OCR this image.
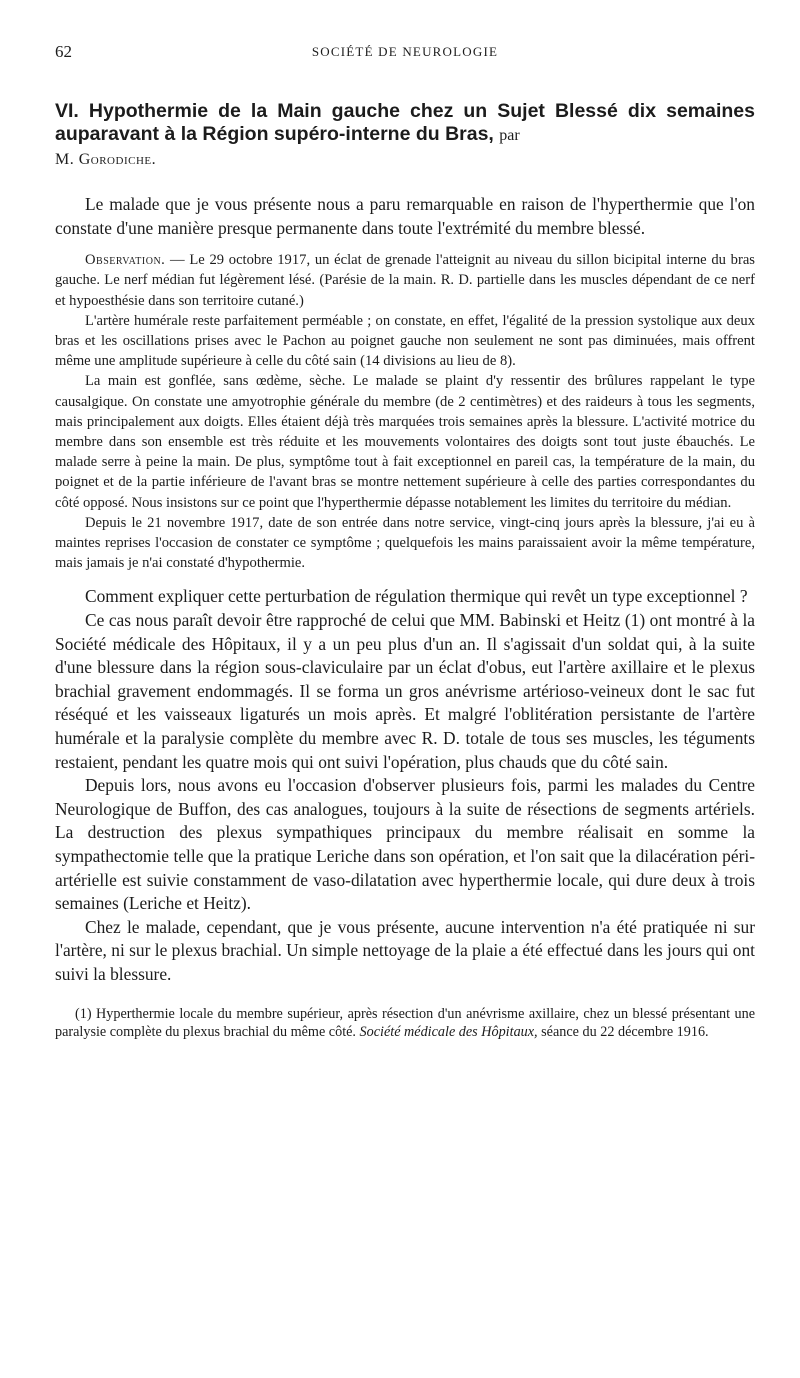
62	SOCIÉTÉ DE NEUROLOGIE
VI. Hypothermie de la Main gauche chez un Sujet Blessé dix semaines auparavant à la Région supéro-interne du Bras, par
M. Gorodiche.

Le malade que je vous présente nous a paru remarquable en raison de l'hyperthermie que l'on constate d'une manière presque permanente dans toute l'extrémité du membre blessé.

Observation. — Le 29 octobre 1917, un éclat de grenade l'atteignit au niveau du sillon bicipital interne du bras gauche. Le nerf médian fut légèrement lésé. (Parésie de la main. R. D. partielle dans les muscles dépendant de ce nerf et hypoesthésie dans son territoire cutané.)

L'artère humérale reste parfaitement perméable ; on constate, en effet, l'égalité de la pression systolique aux deux bras et les oscillations prises avec le Pachon au poignet gauche non seulement ne sont pas diminuées, mais offrent même une amplitude supérieure à celle du côté sain (14 divisions au lieu de 8).

La main est gonflée, sans œdème, sèche. Le malade se plaint d'y ressentir des brûlures rappelant le type causalgique. On constate une amyotrophie générale du membre (de 2 centimètres) et des raideurs à tous les segments, mais principalement aux doigts. Elles étaient déjà très marquées trois semaines après la blessure. L'activité motrice du membre dans son ensemble est très réduite et les mouvements volontaires des doigts sont tout juste ébauchés. Le malade serre à peine la main. De plus, symptôme tout à fait exceptionnel en pareil cas, la température de la main, du poignet et de la partie inférieure de l'avant bras se montre nettement supérieure à celle des parties correspondantes du côté opposé. Nous insistons sur ce point que l'hyperthermie dépasse notablement les limites du territoire du médian.

Depuis le 21 novembre 1917, date de son entrée dans notre service, vingt-cinq jours après la blessure, j'ai eu à maintes reprises l'occasion de constater ce symptôme ; quelquefois les mains paraissaient avoir la même température, mais jamais je n'ai constaté d'hypothermie.

Comment expliquer cette perturbation de régulation thermique qui revêt un type exceptionnel ?

Ce cas nous paraît devoir être rapproché de celui que MM. Babinski et Heitz (1) ont montré à la Société médicale des Hôpitaux, il y a un peu plus d'un an. Il s'agissait d'un soldat qui, à la suite d'une blessure dans la région sous-claviculaire par un éclat d'obus, eut l'artère axillaire et le plexus brachial gravement endommagés. Il se forma un gros anévrisme artérioso-veineux dont le sac fut réséqué et les vaisseaux ligaturés un mois après. Et malgré l'oblitération persistante de l'artère humérale et la paralysie complète du membre avec R. D. totale de tous ses muscles, les téguments restaient, pendant les quatre mois qui ont suivi l'opération, plus chauds que du côté sain.

Depuis lors, nous avons eu l'occasion d'observer plusieurs fois, parmi les malades du Centre Neurologique de Buffon, des cas analogues, toujours à la suite de résections de segments artériels. La destruction des plexus sympathiques principaux du membre réalisait en somme la sympathectomie telle que la pratique Leriche dans son opération, et l'on sait que la dilacération péri-artérielle est suivie constamment de vaso-dilatation avec hyperthermie locale, qui dure deux à trois semaines (Leriche et Heitz).

Chez le malade, cependant, que je vous présente, aucune intervention n'a été pratiquée ni sur l'artère, ni sur le plexus brachial. Un simple nettoyage de la plaie a été effectué dans les jours qui ont suivi la blessure.

(1) Hyperthermie locale du membre supérieur, après résection d'un anévrisme axillaire, chez un blessé présentant une paralysie complète du plexus brachial du même côté. Société médicale des Hôpitaux, séance du 22 décembre 1916.
